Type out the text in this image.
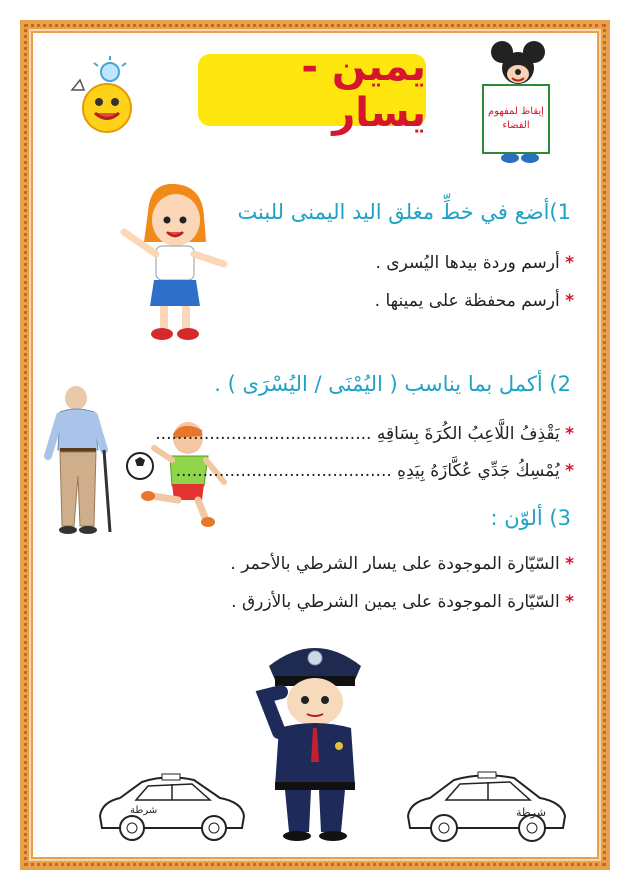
يمين - يسار	إيقاظ لمفهوم
الفضاء
1)أضع في خطِّ مغلق اليد اليمنى للبنت
* أرسم وردة بيدها اليُسرى .
* أرسم محفظة على يمينها .
2) أكمل بما يناسب ( اليُمْنَى / اليُسْرَى ) .
* يَقْذِفُ اللَّاعِبُ الكُرَةَ بِسَاقِهِ ........................................
* يُمْسِكُ جَدِّي عُكَّازَهُ بِيَدِهِ ........................................
3) ألوّن :
* السّيّارة الموجودة على يسار الشرطي بالأحمر .
* السّيّارة الموجودة على يمين الشرطي بالأزرق .
شرطة	شرطة
